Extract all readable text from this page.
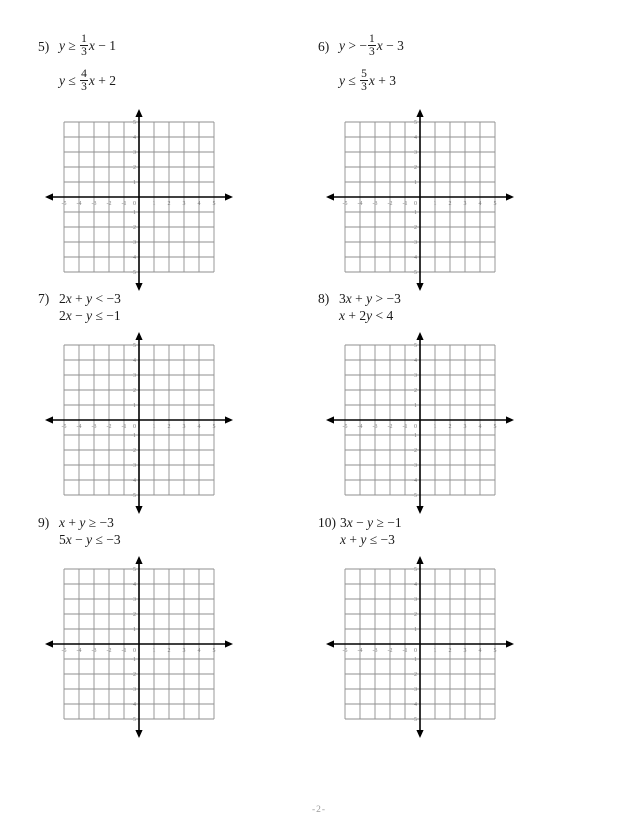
5) $y \ge \frac{1}{3}$ x − 1
$y \le \frac{4}{3}$ x + 2
-5 -4 -3 -2 -1 0	1 2 3 4 5
1
2
3
4
5
-1
-2
-3
-4
-5
6) y > − $\frac{1}{3}$ x − 3
$y \le \frac{5}{3}$ x + 3
-5 -4 -3 -2 -1 0	1 2 3 4 5
1
2
3
4
5
-1
-2
-3
-4
-5
7) 2x + y < −3
2x − y ≤ −1
-5 -4 -3 -2 -1 0	1 2 3 4 5
1
2
3
4
5
-1
-2
-3
-4
-5
8) 3x + y > −3
x + 2y < 4
-5 -4 -3 -2 -1 0	1 2 3 4 5
1
2
3
4
5
-1
-2
-3
-4
-5
9) x + y ≥ −3
5x − y ≤ −3
-5 -4 -3 -2 -1 0	1 2 3 4 5
1
2
3
4
5
-1
-2
-3
-4
-5
10) 3x − y ≥ −1
x + y ≤ −3
-5 -4 -3 -2 -1 0	1 2 3 4 5
1
2
3
4
5
-1
-2
-3
-4
-5
-2-
